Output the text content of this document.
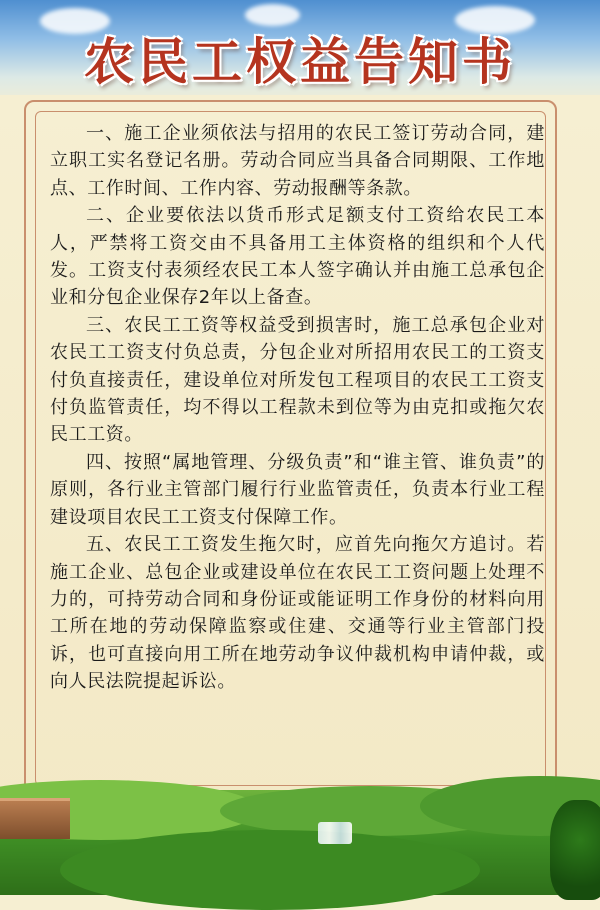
农民工权益告知书

一、施工企业须依法与招用的农民工签订劳动合同，建立职工实名登记名册。劳动合同应当具备合同期限、工作地点、工作时间、工作内容、劳动报酬等条款。

二、企业要依法以货币形式足额支付工资给农民工本人，严禁将工资交由不具备用工主体资格的组织和个人代发。工资支付表须经农民工本人签字确认并由施工总承包企业和分包企业保存2年以上备查。

三、农民工工资等权益受到损害时，施工总承包企业对农民工工资支付负总责，分包企业对所招用农民工的工资支付负直接责任，建设单位对所发包工程项目的农民工工资支付负监管责任，均不得以工程款未到位等为由克扣或拖欠农民工工资。

四、按照“属地管理、分级负责”和“谁主管、谁负责”的原则，各行业主管部门履行行业监管责任，负责本行业工程建设项目农民工工资支付保障工作。

五、农民工工资发生拖欠时，应首先向拖欠方追讨。若施工企业、总包企业或建设单位在农民工工资问题上处理不力的，可持劳动合同和身份证或能证明工作身份的材料向用工所在地的劳动保障监察或住建、交通等行业主管部门投诉，也可直接向用工所在地劳动争议仲裁机构申请仲裁，或向人民法院提起诉讼。
